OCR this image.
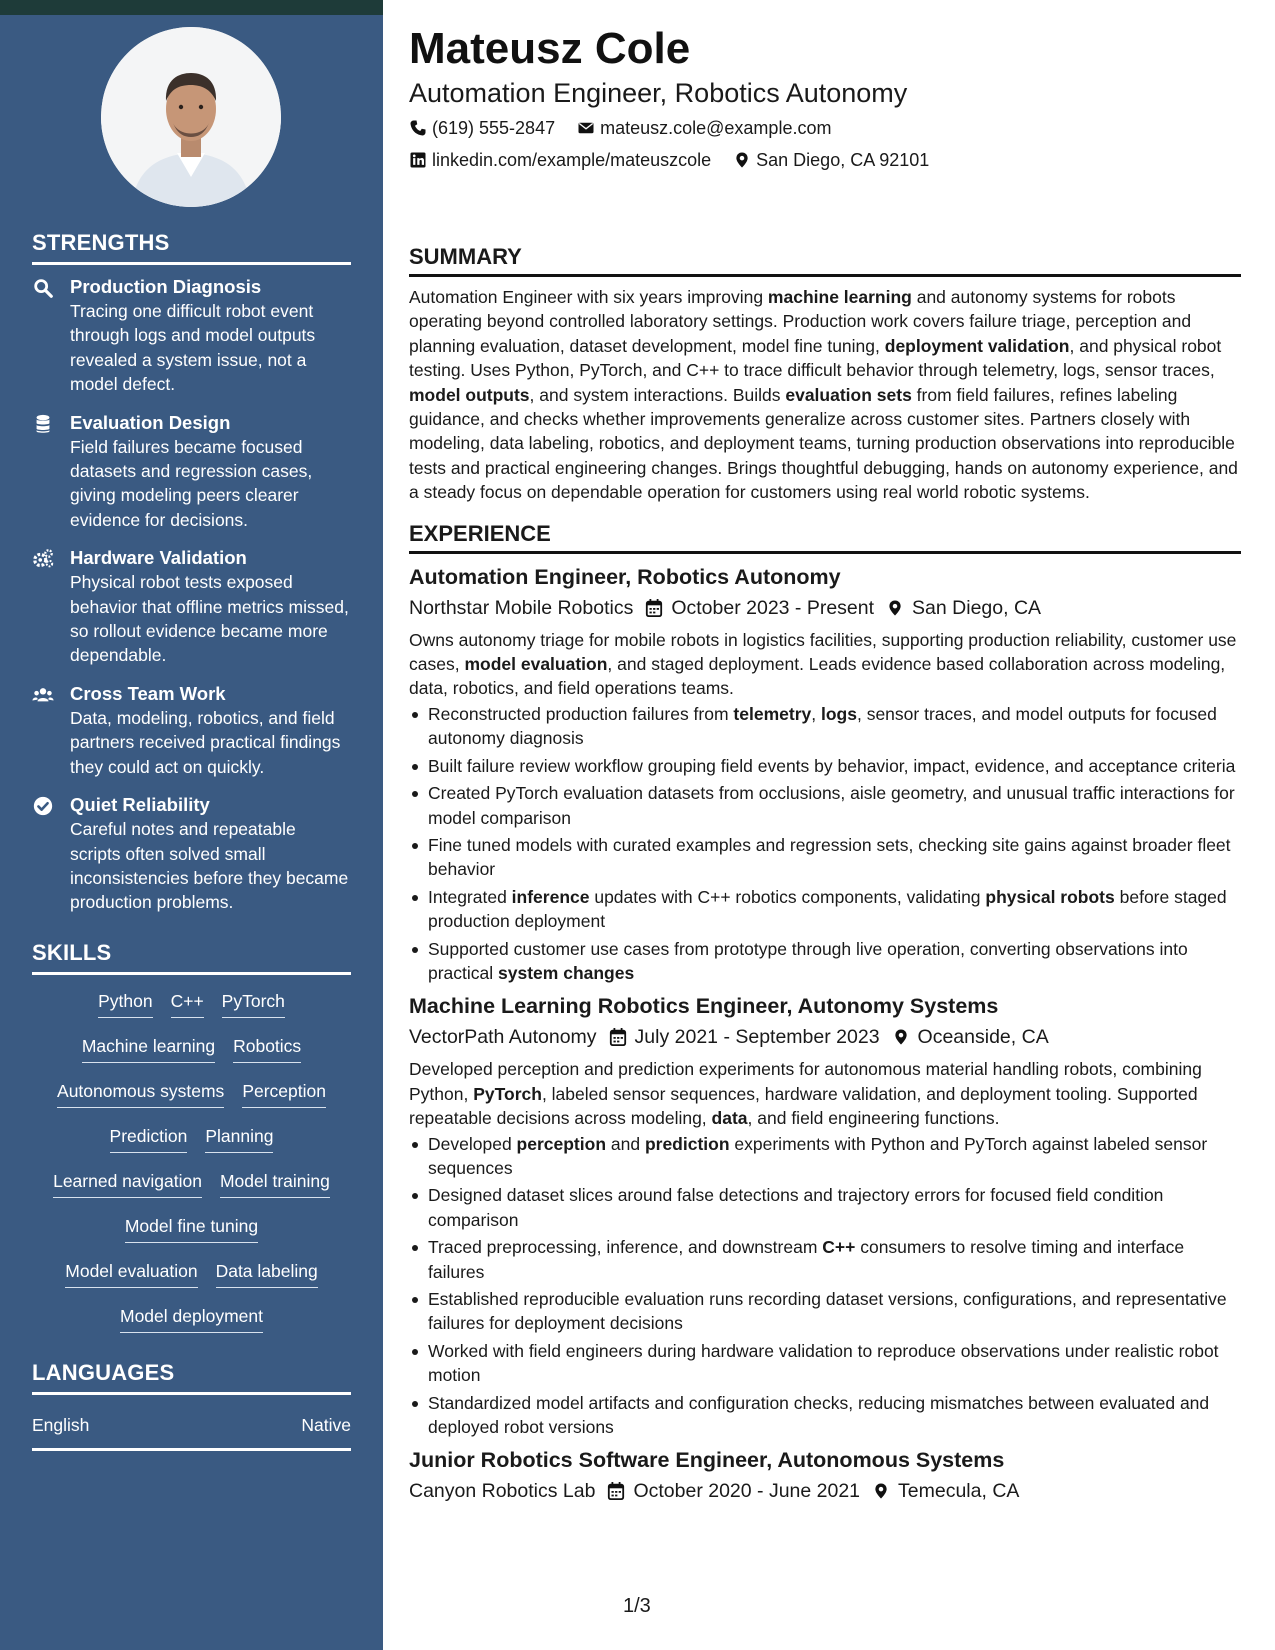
STRENGTHS
Production Diagnosis
Tracing one difficult robot event through logs and model outputs revealed a system issue, not a model defect.
Evaluation Design
Field failures became focused datasets and regression cases, giving modeling peers clearer evidence for decisions.
Hardware Validation
Physical robot tests exposed behavior that offline metrics missed, so rollout evidence became more dependable.
Cross Team Work
Data, modeling, robotics, and field partners received practical findings they could act on quickly.
Quiet Reliability
Careful notes and repeatable scripts often solved small inconsistencies before they became production problems.
SKILLS
Python C++ PyTorch
Machine learning Robotics
Autonomous systems Perception
Prediction Planning
Learned navigation Model training
Model fine tuning
Model evaluation Data labeling
Model deployment
LANGUAGES
English	Native
Mateusz Cole
Automation Engineer, Robotics Autonomy
(619) 555-2847	mateusz.cole@example.com
linkedin.com/example/mateuszcole	San Diego, CA 92101
SUMMARY

Automation Engineer with six years improving machine learning and autonomy systems for robots operating beyond controlled laboratory settings. Production work covers failure triage, perception and planning evaluation, dataset development, model fine tuning, deployment validation, and physical robot testing. Uses Python, PyTorch, and C++ to trace difficult behavior through telemetry, logs, sensor traces, model outputs, and system interactions. Builds evaluation sets from field failures, refines labeling guidance, and checks whether improvements generalize across customer sites. Partners closely with modeling, data labeling, robotics, and deployment teams, turning production observations into reproducible tests and practical engineering changes. Brings thoughtful debugging, hands on autonomy experience, and a steady focus on dependable operation for customers using real world robotic systems.

EXPERIENCE
Automation Engineer, Robotics Autonomy
Northstar Mobile Robotics October 2023 - Present San Diego, CA

Owns autonomy triage for mobile robots in logistics facilities, supporting production reliability, customer use cases, model evaluation, and staged deployment. Leads evidence based collaboration across modeling, data, robotics, and field operations teams.

Reconstructed production failures from telemetry, logs, sensor traces, and model outputs for focused autonomy diagnosis
Built failure review workflow grouping field events by behavior, impact, evidence, and acceptance criteria
Created PyTorch evaluation datasets from occlusions, aisle geometry, and unusual traffic interactions for model comparison
Fine tuned models with curated examples and regression sets, checking site gains against broader fleet behavior
Integrated inference updates with C++ robotics components, validating physical robots before staged production deployment
Supported customer use cases from prototype through live operation, converting observations into practical system changes
Machine Learning Robotics Engineer, Autonomy Systems
VectorPath Autonomy July 2021 - September 2023 Oceanside, CA

Developed perception and prediction experiments for autonomous material handling robots, combining Python, PyTorch, labeled sensor sequences, hardware validation, and deployment tooling. Supported repeatable decisions across modeling, data, and field engineering functions.

Developed perception and prediction experiments with Python and PyTorch against labeled sensor sequences
Designed dataset slices around false detections and trajectory errors for focused field condition comparison
Traced preprocessing, inference, and downstream C++ consumers to resolve timing and interface failures
Established reproducible evaluation runs recording dataset versions, configurations, and representative failures for deployment decisions
Worked with field engineers during hardware validation to reproduce observations under realistic robot motion
Standardized model artifacts and configuration checks, reducing mismatches between evaluated and deployed robot versions
Junior Robotics Software Engineer, Autonomous Systems
Canyon Robotics Lab October 2020 - June 2021 Temecula, CA
1/3
